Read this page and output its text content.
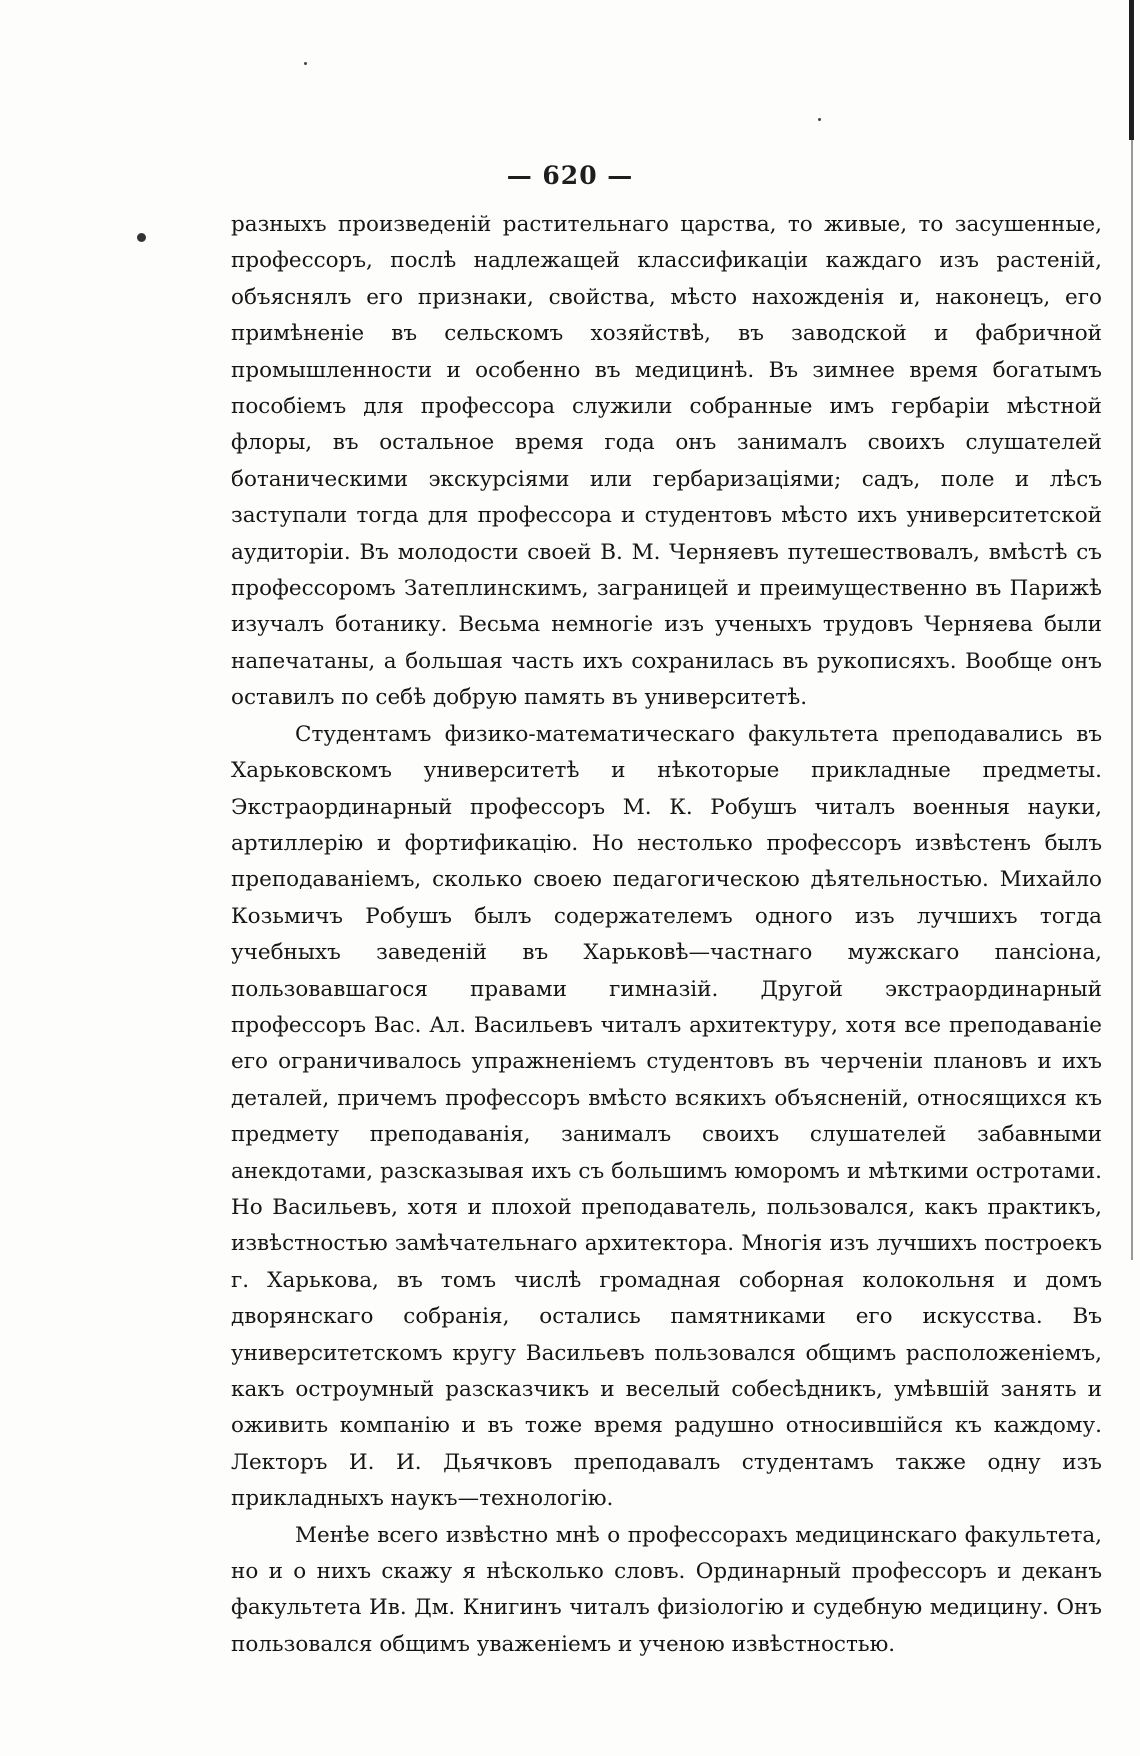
— 620 —

разныхъ произведеній растительнаго царства, то живые, то засушенные, профессоръ, послѣ надлежащей классификаціи каждаго изъ растеній, объяснялъ его признаки, свойства, мѣсто нахожденія и, наконецъ, его примѣненіе въ сельскомъ хозяйствѣ, въ заводской и фабричной промышленности и особенно въ медицинѣ. Въ зимнее время богатымъ пособіемъ для профессора служили собранные имъ гербаріи мѣстной флоры, въ остальное время года онъ занималъ своихъ слушателей ботаническими экскурсіями или гербаризаціями; садъ, поле и лѣсъ заступали тогда для профессора и студентовъ мѣсто ихъ университетской аудиторіи. Въ молодости своей В. М. Черняевъ путешествовалъ, вмѣстѣ съ профессоромъ Затеплинскимъ, заграницей и преимущественно въ Парижѣ изучалъ ботанику. Весьма немногіе изъ ученыхъ трудовъ Черняева были напечатаны, а большая часть ихъ сохранилась въ рукописяхъ. Вообще онъ оставилъ по себѣ добрую память въ университетѣ.

Студентамъ физико-математическаго факультета преподавались въ Харьковскомъ университетѣ и нѣкоторые прикладные предметы. Экстраординарный профессоръ М. К. Робушъ читалъ военныя науки, артиллерію и фортификацію. Но нестолько профессоръ извѣстенъ былъ преподаваніемъ, сколько своею педагогическою дѣятельностью. Михайло Козьмичъ Робушъ былъ содержателемъ одного изъ лучшихъ тогда учебныхъ заведеній въ Харьковѣ—частнаго мужскаго пансіона, пользовавшагося правами гимназій. Другой экстраординарный профессоръ Вас. Ал. Васильевъ читалъ архитектуру, хотя все преподаваніе его ограничивалось упражненіемъ студентовъ въ черченіи плановъ и ихъ деталей, причемъ профессоръ вмѣсто всякихъ объясненій, относящихся къ предмету преподаванія, занималъ своихъ слушателей забавными анекдотами, разсказывая ихъ съ большимъ юморомъ и мѣткими остротами. Но Васильевъ, хотя и плохой преподаватель, пользовался, какъ практикъ, извѣстностью замѣчательнаго архитектора. Многія изъ лучшихъ построекъ г. Харькова, въ томъ числѣ громадная соборная колокольня и домъ дворянскаго собранія, остались памятниками его искусства. Въ университетскомъ кругу Васильевъ пользовался общимъ расположеніемъ, какъ остроумный разсказчикъ и веселый собесѣдникъ, умѣвшій занять и оживить компанію и въ тоже время радушно относившійся къ каждому. Лекторъ И. И. Дьячковъ преподавалъ студентамъ также одну изъ прикладныхъ наукъ—технологію.

Менѣе всего извѣстно мнѣ о профессорахъ медицинскаго факультета, но и о нихъ скажу я нѣсколько словъ. Ординарный профессоръ и деканъ факультета Ив. Дм. Книгинъ читалъ физіологію и судебную медицину. Онъ пользовался общимъ уваженіемъ и ученою извѣстностью.
